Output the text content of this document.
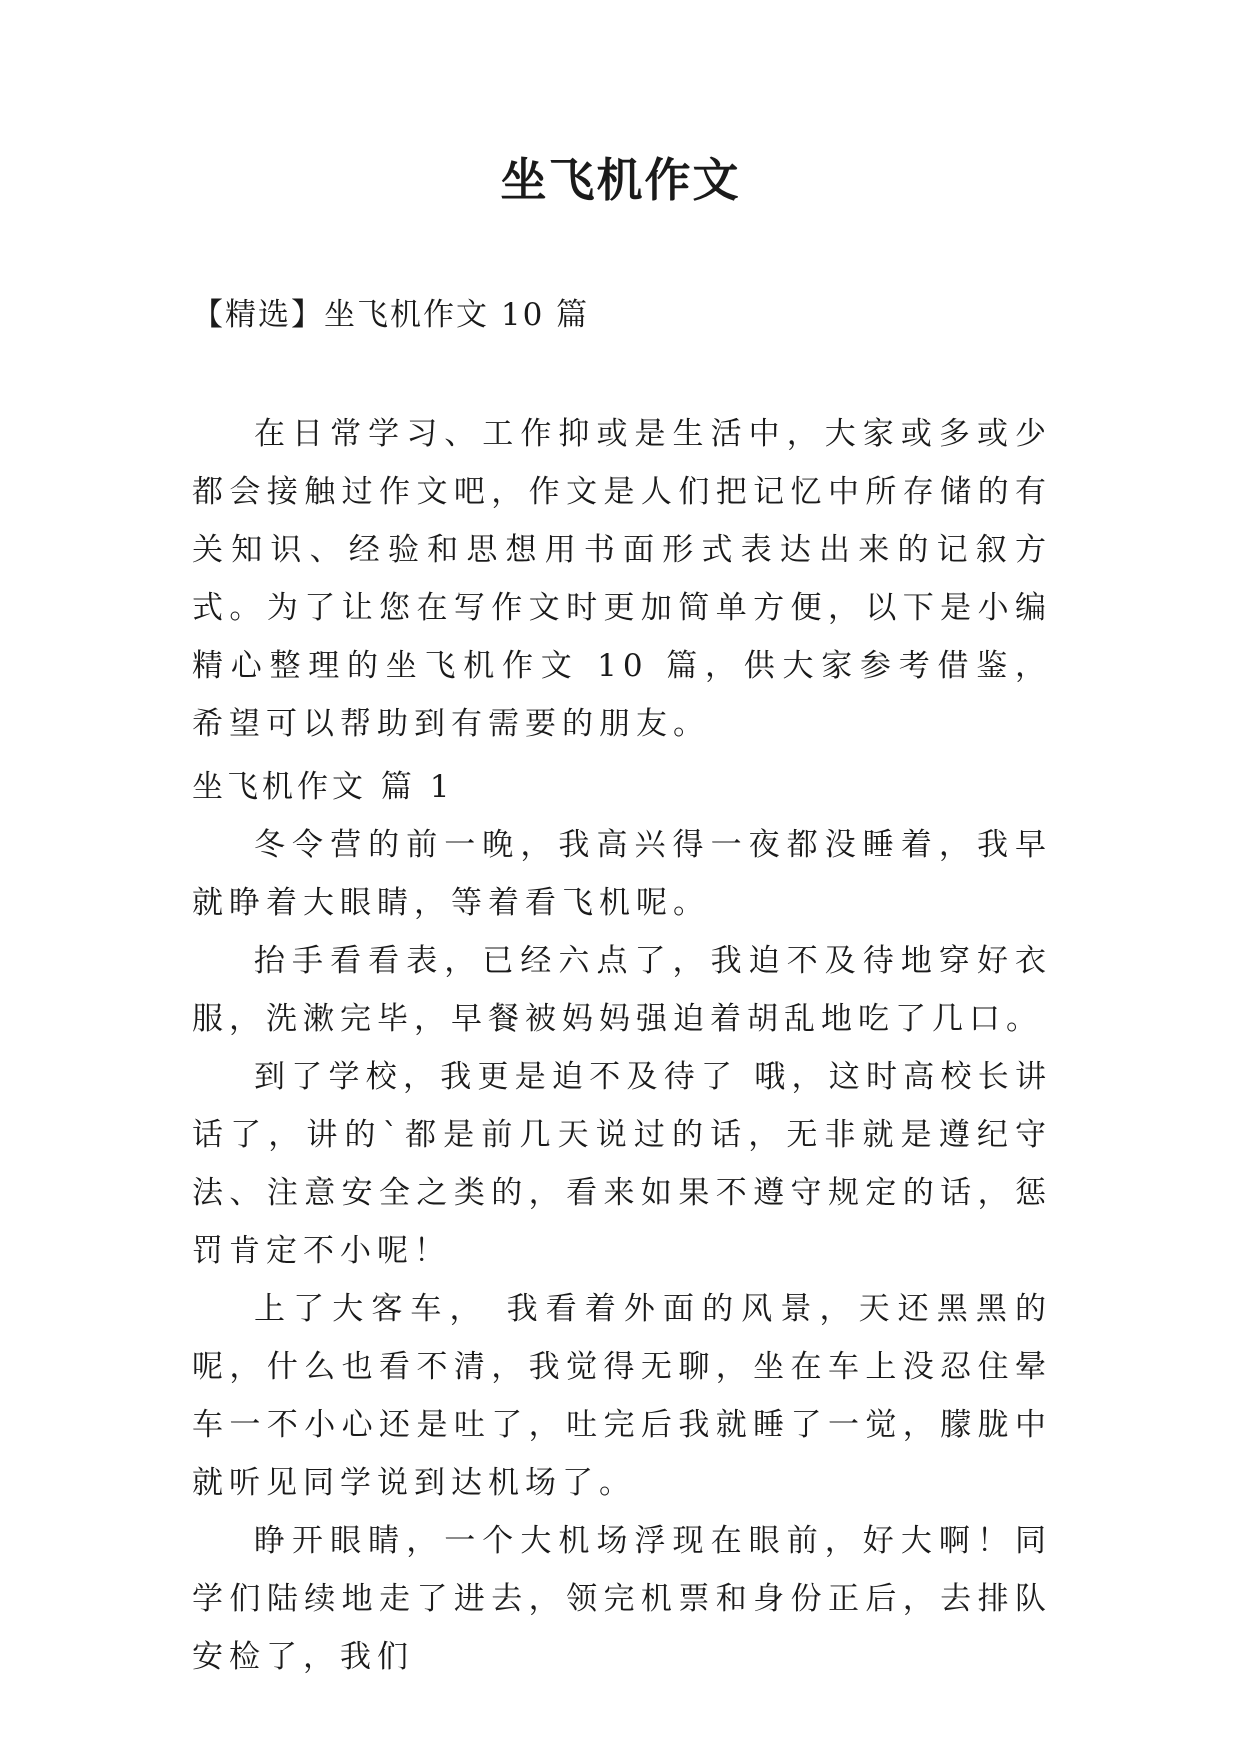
坐飞机作文
【精选】坐飞机作文 10 篇

在日常学习、工作抑或是生活中，大家或多或少都会接触过作文吧，作文是人们把记忆中所存储的有关知识、经验和思想用书面形式表达出来的记叙方式。为了让您在写作文时更加简单方便，以下是小编精心整理的坐飞机作文 10 篇，供大家参考借鉴，希望可以帮助到有需要的朋友。

坐飞机作文 篇 1

冬令营的前一晚，我高兴得一夜都没睡着，我早就睁着大眼睛，等着看飞机呢。

抬手看看表，已经六点了，我迫不及待地穿好衣服，洗漱完毕，早餐被妈妈强迫着胡乱地吃了几口。

到了学校，我更是迫不及待了 哦，这时高校长讲话了，讲的`都是前几天说过的话，无非就是遵纪守法、注意安全之类的，看来如果不遵守规定的话，惩罚肯定不小呢！

上了大客车， 我看着外面的风景，天还黑黑的呢，什么也看不清，我觉得无聊，坐在车上没忍住晕车一不小心还是吐了，吐完后我就睡了一觉，朦胧中就听见同学说到达机场了。

睁开眼睛，一个大机场浮现在眼前，好大啊！同学们陆续地走了进去，领完机票和身份正后，去排队安检了，我们
